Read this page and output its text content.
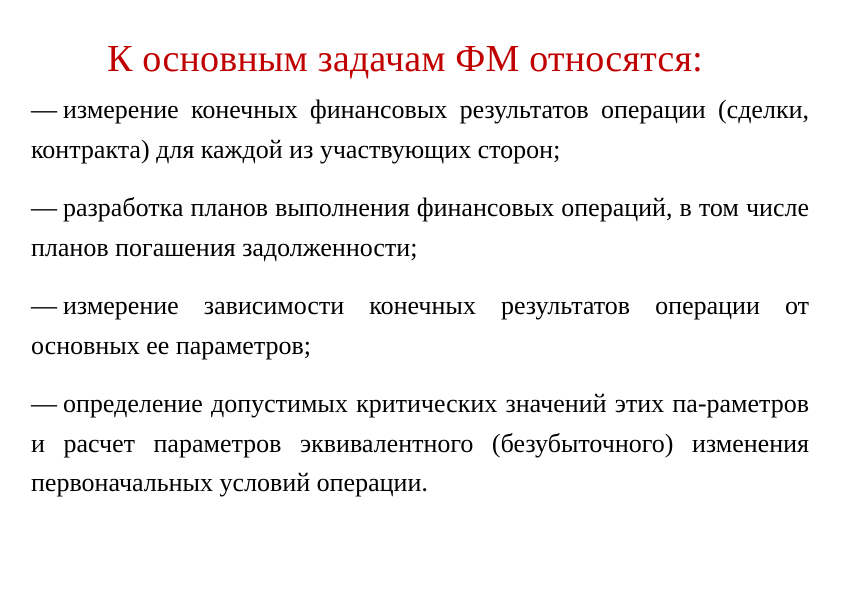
К основным задачам ФМ относятся:

— измерение конечных финансовых результатов операции (сделки, контракта) для каждой из участвующих сторон;

— разработка планов выполнения финансовых операций, в том числе планов погашения задолженности;

— измерение зависимости конечных результатов операции от основных ее параметров;

— определение допустимых критических значений этих па-раметров и расчет параметров эквивалентного (безубыточного) изменения первоначальных условий операции.
